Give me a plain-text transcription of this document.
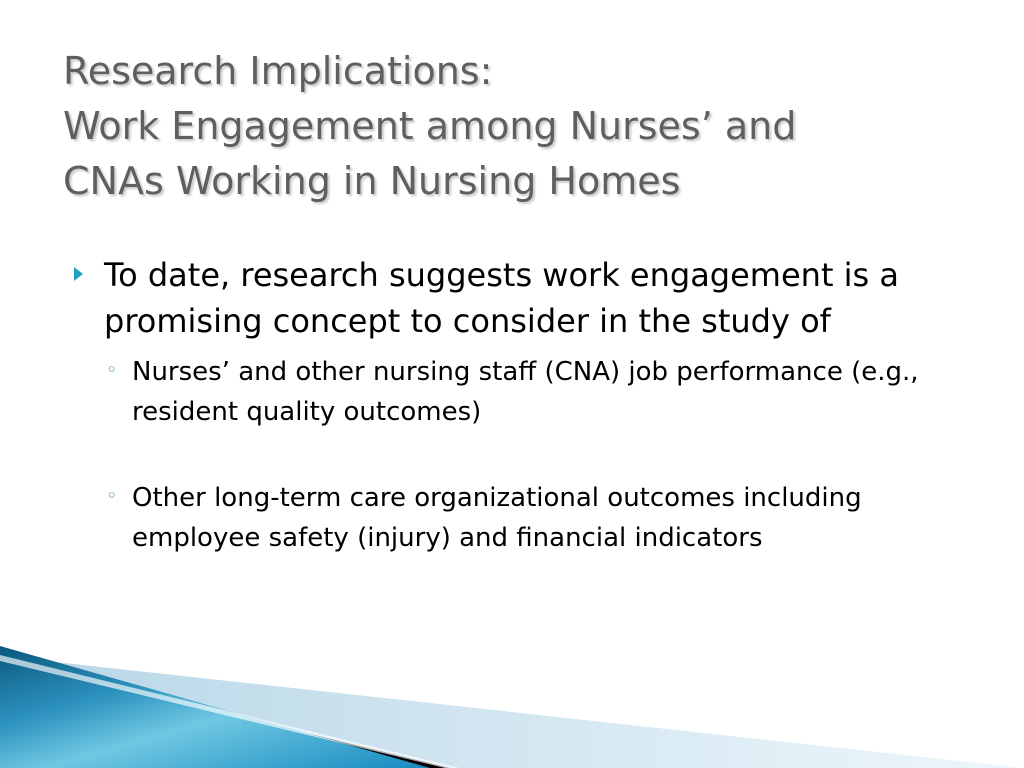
Research Implications:
Work Engagement among Nurses’ and
CNAs Working in Nursing Homes
To date, research suggests work engagement is a promising concept to consider in the study of
◦ Nurses’ and other nursing staff (CNA) job performance (e.g., resident quality outcomes)
◦ Other long-term care organizational outcomes including employee safety (injury) and financial indicators
